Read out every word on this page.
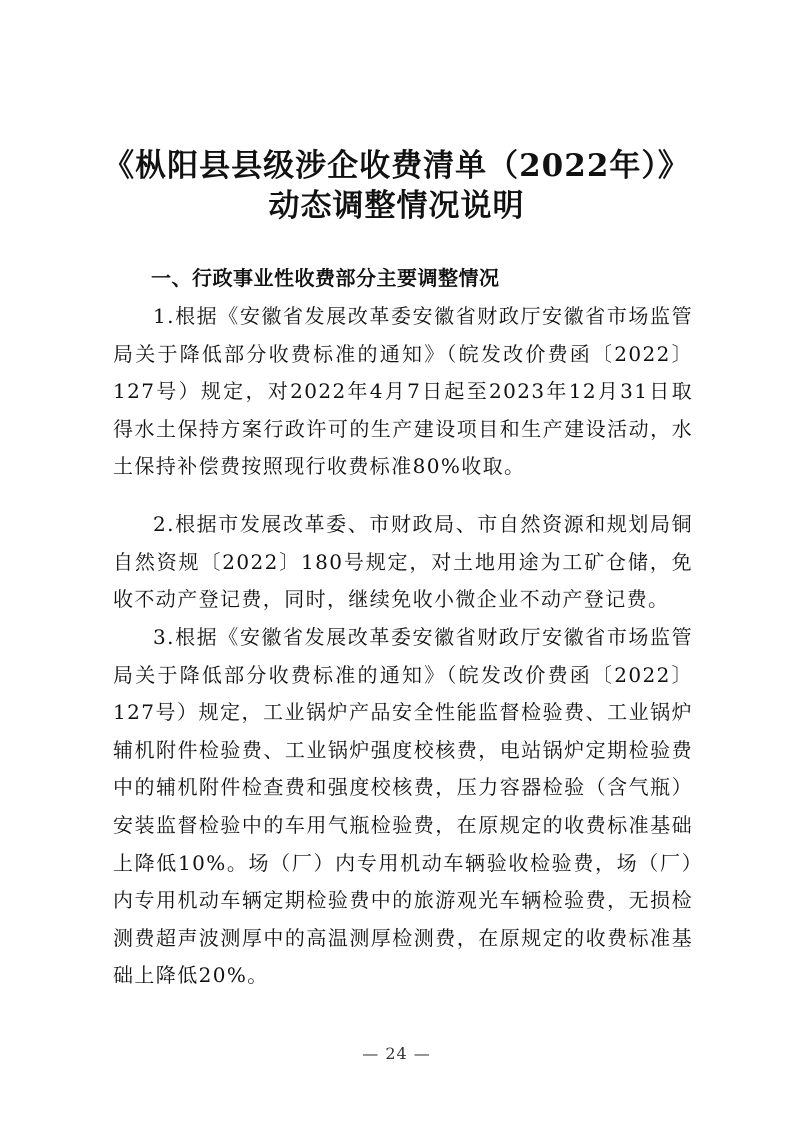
《枞阳县县级涉企收费清单（2022年）》
动态调整情况说明
一、行政事业性收费部分主要调整情况

1.根据《安徽省发展改革委安徽省财政厅安徽省市场监管局关于降低部分收费标准的通知》（皖发改价费函〔2022〕127号）规定，对2022年4月7日起至2023年12月31日取得水土保持方案行政许可的生产建设项目和生产建设活动，水土保持补偿费按照现行收费标准80%收取。

2.根据市发展改革委、市财政局、市自然资源和规划局铜自然资规〔2022〕180号规定，对土地用途为工矿仓储，免收不动产登记费，同时，继续免收小微企业不动产登记费。

3.根据《安徽省发展改革委安徽省财政厅安徽省市场监管局关于降低部分收费标准的通知》（皖发改价费函〔2022〕127号）规定，工业锅炉产品安全性能监督检验费、工业锅炉辅机附件检验费、工业锅炉强度校核费，电站锅炉定期检验费中的辅机附件检查费和强度校核费，压力容器检验（含气瓶）安装监督检验中的车用气瓶检验费，在原规定的收费标准基础上降低10%。场（厂）内专用机动车辆验收检验费，场（厂）内专用机动车辆定期检验费中的旅游观光车辆检验费，无损检测费超声波测厚中的高温测厚检测费，在原规定的收费标准基础上降低20%。

— 24 —
